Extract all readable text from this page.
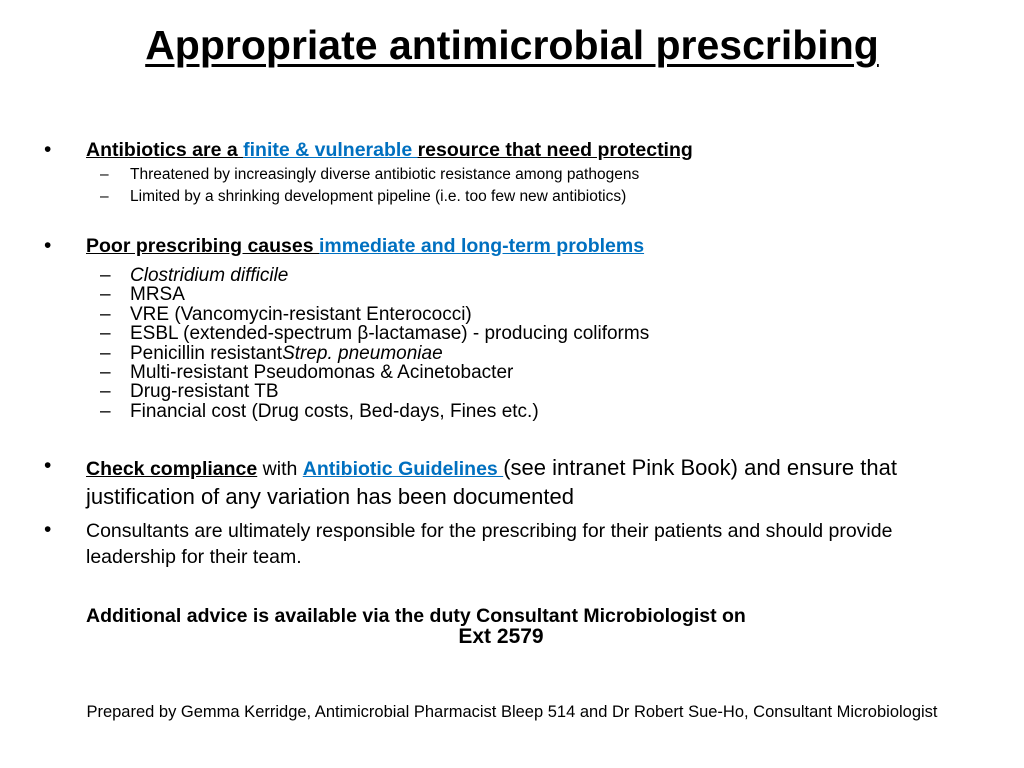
Appropriate antimicrobial prescribing
•	Antibiotics are a finite & vulnerable resource that need protecting
–	Threatened by increasingly diverse antibiotic resistance among pathogens
–	Limited by a shrinking development pipeline (i.e. too few new antibiotics)
•	Poor prescribing causes immediate and long-term problems
–	Clostridium difficile
–	MRSA
–	VRE (Vancomycin-resistant Enterococci)
–	ESBL (extended-spectrum β-lactamase) - producing coliforms
–	Penicillin resistant Strep. pneumoniae
–	Multi-resistant Pseudomonas & Acinetobacter
–	Drug-resistant TB
–	Financial cost (Drug costs, Bed-days, Fines etc.)
•	Check compliance with Antibiotic Guidelines (see intranet Pink Book) and ensure that justification of any variation has been documented
•	Consultants are ultimately responsible for the prescribing for their patients and should provide leadership for their team.
Additional advice is available via the duty Consultant Microbiologist on
Ext 2579
Prepared by Gemma Kerridge, Antimicrobial Pharmacist Bleep 514 and Dr Robert Sue-Ho, Consultant Microbiologist
